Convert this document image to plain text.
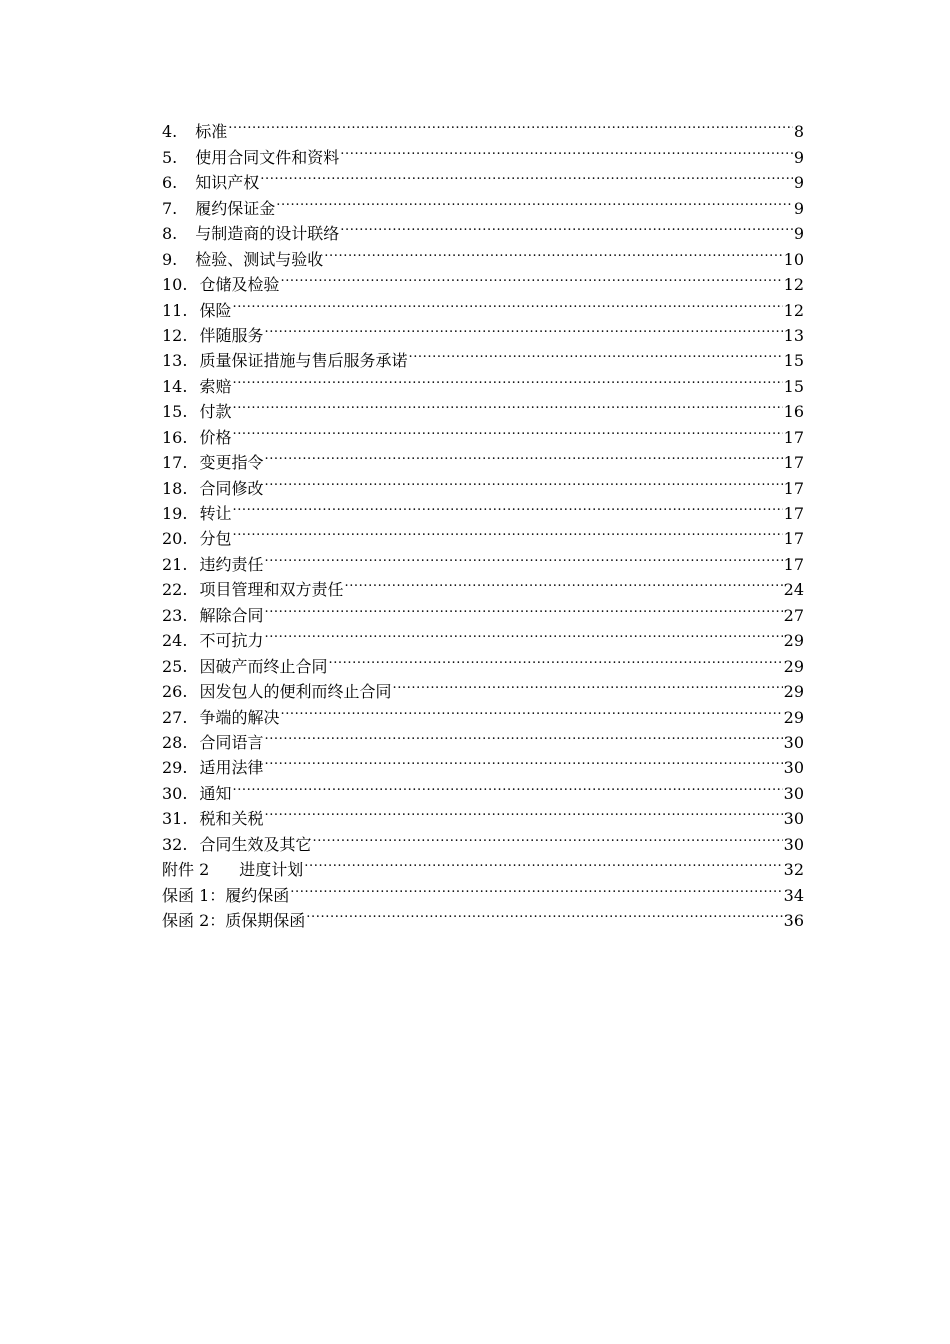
4. 标准 .....	8
5. 使用合同文件和资料 .....	9
6. 知识产权 .....	9
7. 履约保证金 .....	9
8. 与制造商的设计联络 .....	9
9. 检验、测试与验收 .....	10
10. 仓储及检验 .....	12
11. 保险 .....	12
12. 伴随服务 .....	13
13. 质量保证措施与售后服务承诺 .....	15
14. 索赔 .....	15
15. 付款 .....	16
16. 价格 .....	17
17. 变更指令 .....	17
18. 合同修改 .....	17
19. 转让 .....	17
20. 分包 .....	17
21. 违约责任 .....	17
22. 项目管理和双方责任 .....	24
23. 解除合同 .....	27
24. 不可抗力 .....	29
25. 因破产而终止合同 .....	29
26. 因发包人的便利而终止合同 .....	29
27. 争端的解决 .....	29
28. 合同语言 .....	30
29. 适用法律 .....	30
30. 通知 .....	30
31. 税和关税 .....	30
32. 合同生效及其它 .....	30
附件 2 进度计划 .....	32
保函 1： 履约保函 .....	34
保函 2： 质保期保函 .....	36
